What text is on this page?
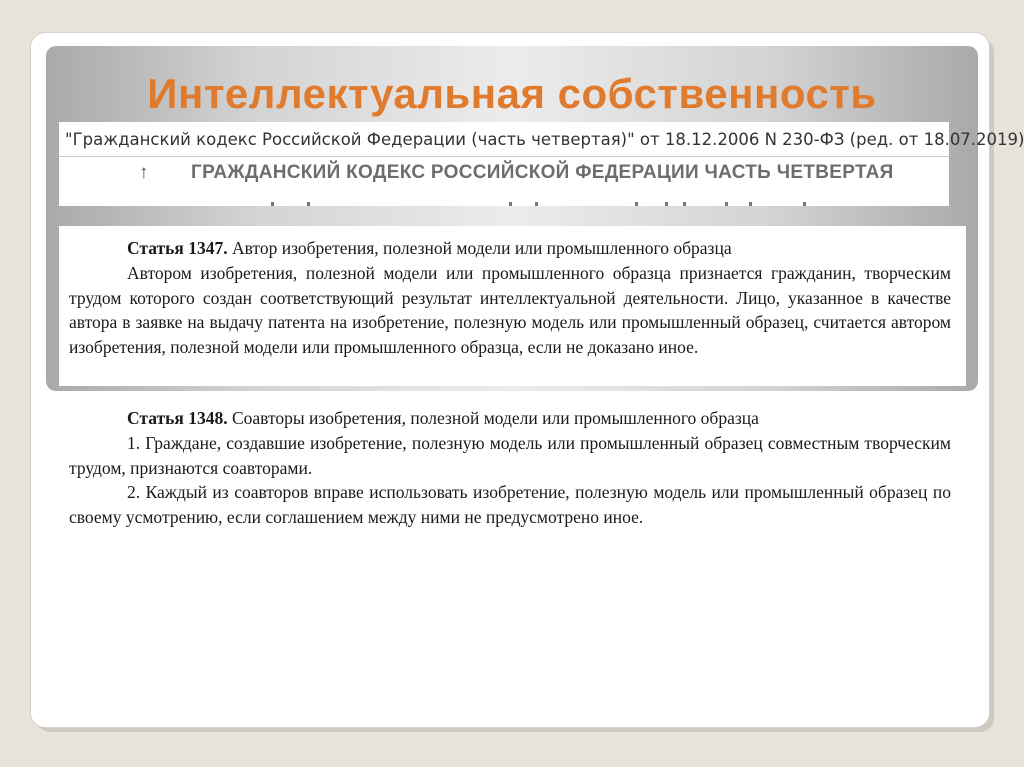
Интеллектуальная собственность
"Гражданский кодекс Российской Федерации (часть четвертая)" от 18.12.2006 N 230-ФЗ (ред. от 18.07.2019)
↑ ГРАЖДАНСКИЙ КОДЕКС РОССИЙСКОЙ ФЕДЕРАЦИИ ЧАСТЬ ЧЕТВЕРТАЯ

Статья 1347. Автор изобретения, полезной модели или промышленного образца

Автором изобретения, полезной модели или промышленного образца признается гражданин, творческим трудом которого создан соответствующий результат интеллектуальной деятельности. Лицо, указанное в качестве автора в заявке на выдачу патента на изобретение, полезную модель или промышленный образец, считается автором изобретения, полезной модели или промышленного образца, если не доказано иное.

Статья 1348. Соавторы изобретения, полезной модели или промышленного образца

1. Граждане, создавшие изобретение, полезную модель или промышленный образец совместным творческим трудом, признаются соавторами.

2. Каждый из соавторов вправе использовать изобретение, полезную модель или промышленный образец по своему усмотрению, если соглашением между ними не предусмотрено иное.
